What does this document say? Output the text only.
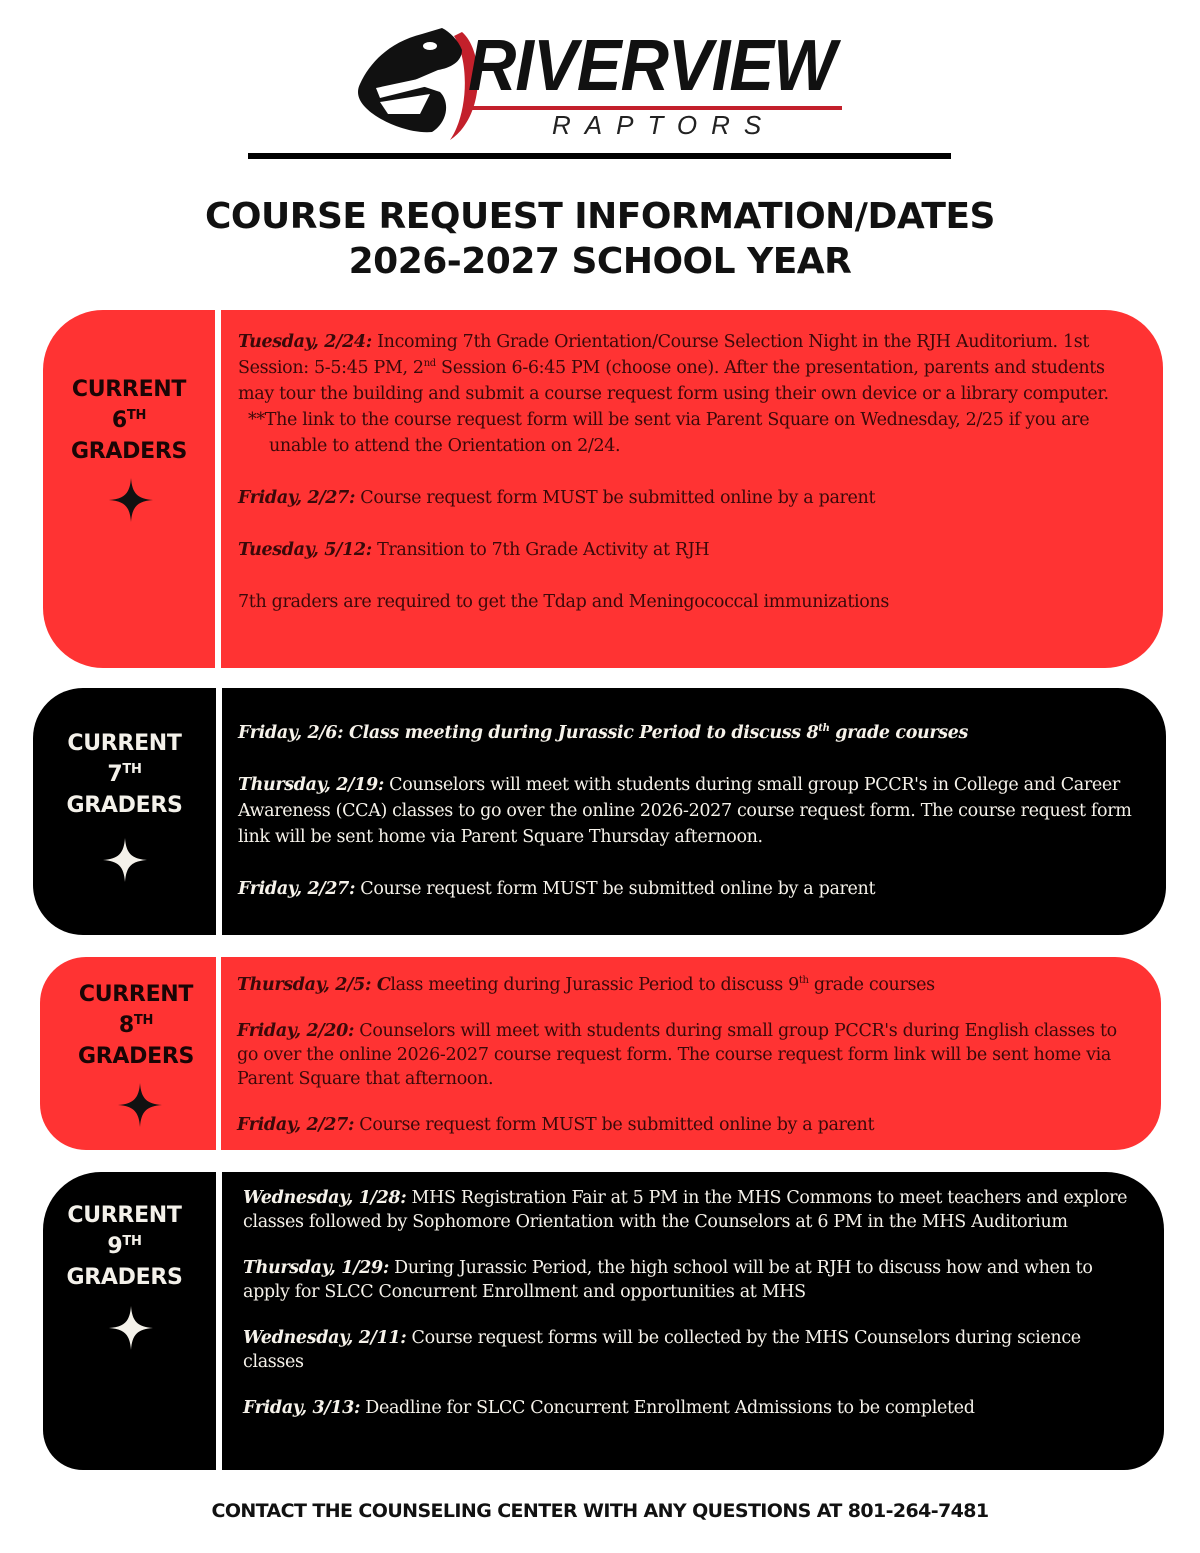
RIVERVIEW
RAPTORS
COURSE REQUEST INFORMATION/DATES
2026-2027 SCHOOL YEAR
CURRENT
6TH
GRADERS
Tuesday, 2/24: Incoming 7th Grade Orientation/Course Selection Night in the RJH Auditorium. 1st Session: 5-5:45 PM, 2nd Session 6-6:45 PM (choose one). After the presentation, parents and students may tour the building and submit a course request form using their own device or a library computer.
**The link to the course request form will be sent via Parent Square on Wednesday, 2/25 if you are unable to attend the Orientation on 2/24.
Friday, 2/27: Course request form MUST be submitted online by a parent
Tuesday, 5/12: Transition to 7th Grade Activity at RJH
7th graders are required to get the Tdap and Meningococcal immunizations
CURRENT
7TH
GRADERS
Friday, 2/6: Class meeting during Jurassic Period to discuss 8th grade courses
Thursday, 2/19: Counselors will meet with students during small group PCCR's in College and Career Awareness (CCA) classes to go over the online 2026-2027 course request form. The course request form link will be sent home via Parent Square Thursday afternoon.
Friday, 2/27: Course request form MUST be submitted online by a parent
CURRENT
8TH
GRADERS
Thursday, 2/5: Class meeting during Jurassic Period to discuss 9th grade courses
Friday, 2/20: Counselors will meet with students during small group PCCR's during English classes to go over the online 2026-2027 course request form. The course request form link will be sent home via Parent Square that afternoon.
Friday, 2/27: Course request form MUST be submitted online by a parent
CURRENT
9TH
GRADERS
Wednesday, 1/28: MHS Registration Fair at 5 PM in the MHS Commons to meet teachers and explore classes followed by Sophomore Orientation with the Counselors at 6 PM in the MHS Auditorium
Thursday, 1/29: During Jurassic Period, the high school will be at RJH to discuss how and when to apply for SLCC Concurrent Enrollment and opportunities at MHS
Wednesday, 2/11: Course request forms will be collected by the MHS Counselors during science classes
Friday, 3/13: Deadline for SLCC Concurrent Enrollment Admissions to be completed
CONTACT THE COUNSELING CENTER WITH ANY QUESTIONS AT 801-264-7481
